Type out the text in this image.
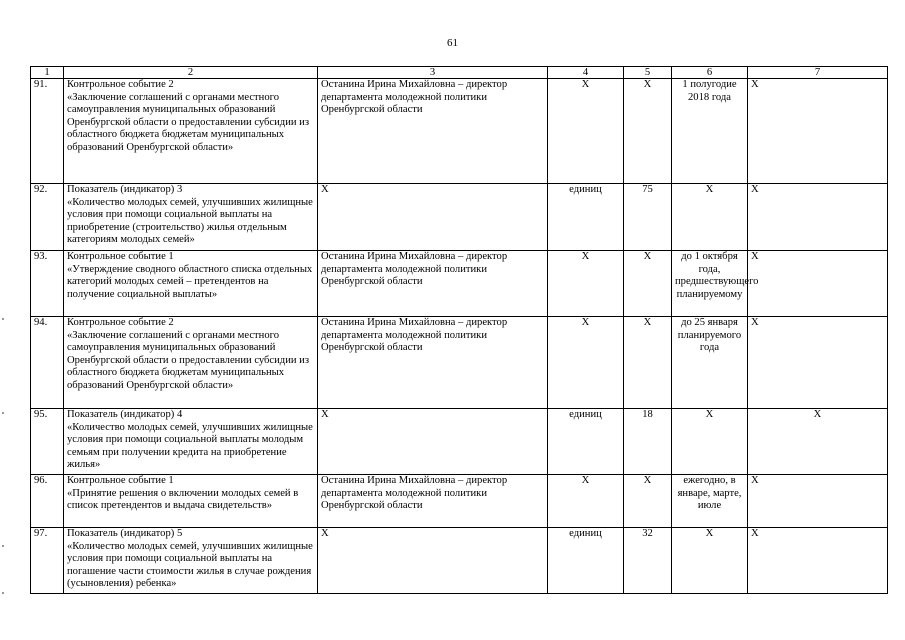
61
1	2	3	4	5	6	7
91.	Контрольное событие 2
«Заключение соглашений с органами местного самоуправления муниципальных образований Оренбургской области о предоставлении субсидии из областного бюджета бюджетам муниципальных образований Оренбургской области»	Останина Ирина Михайловна – директор департамента молодежной политики Оренбургской области	Х	Х	1 полугодие 2018 года	Х
92.	Показатель (индикатор) 3
«Количество молодых семей, улучшивших жилищные условия при помощи социальной выплаты на приобретение (строительство) жилья отдельным категориям молодых семей»	Х	единиц	75	Х	Х
93.	Контрольное событие 1
«Утверждение сводного областного списка отдельных категорий молодых семей – претендентов на получение социальной выплаты»	Останина Ирина Михайловна – директор департамента молодежной политики Оренбургской области	Х	Х	до 1 октября года, предшествующего планируемому	Х
94.	Контрольное событие 2
«Заключение соглашений с органами местного самоуправления муниципальных образований Оренбургской области о предоставлении субсидии из областного бюджета бюджетам муниципальных образований Оренбургской области»	Останина Ирина Михайловна – директор департамента молодежной политики Оренбургской области	Х	Х	до 25 января планируемого года	Х
95.	Показатель (индикатор) 4
«Количество молодых семей, улучшивших жилищные условия при помощи социальной выплаты молодым семьям при получении кредита на приобретение жилья»	Х	единиц	18	Х	Х
96.	Контрольное событие 1
«Принятие решения о включении молодых семей в список претендентов и выдача свидетельств»	Останина Ирина Михайловна – директор департамента молодежной политики Оренбургской области	Х	Х	ежегодно, в январе, марте, июле	Х
97.	Показатель (индикатор) 5
«Количество молодых семей, улучшивших жилищные условия при помощи социальной выплаты на погашение части стоимости жилья в случае рождения (усыновления) ребенка»	Х	единиц	32	Х	Х
